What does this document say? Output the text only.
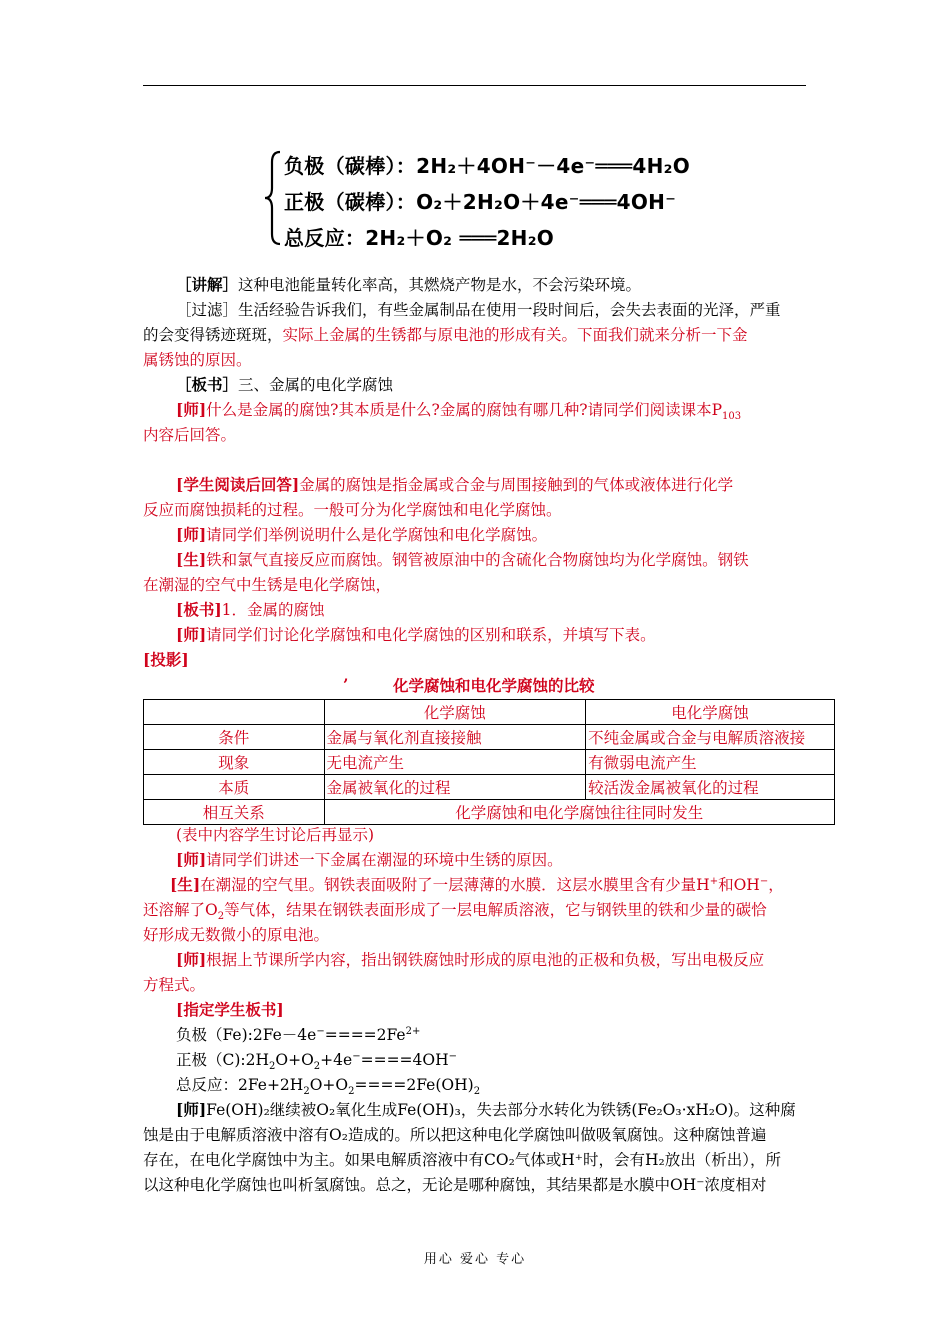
负极（碳棒）：2H₂＋4OH⁻－4e⁻═══4H₂O
正极（碳棒）：O₂＋2H₂O＋4e⁻═══4OH⁻
总反应：2H₂＋O₂ ═══2H₂O
［讲解］这种电池能量转化率高，其燃烧产物是水，不会污染环境。
［过滤］生活经验告诉我们，有些金属制品在使用一段时间后，会失去表面的光泽，严重
的会变得锈迹斑斑，实际上金属的生锈都与原电池的形成有关。下面我们就来分析一下金
属锈蚀的原因。
［板书］三、金属的电化学腐蚀
[师]什么是金属的腐蚀?其本质是什么?金属的腐蚀有哪几种?请同学们阅读课本$P_{103}$
内容后回答。
[学生阅读后回答]金属的腐蚀是指金属或合金与周围接触到的气体或液体进行化学
反应而腐蚀损耗的过程。一般可分为化学腐蚀和电化学腐蚀。
[师]请同学们举例说明什么是化学腐蚀和电化学腐蚀。
[生]铁和氯气直接反应而腐蚀。钢管被原油中的含硫化合物腐蚀均为化学腐蚀。钢铁
在潮湿的空气中生锈是电化学腐蚀，
[板书]1．金属的腐蚀
[师]请同学们讨论化学腐蚀和电化学腐蚀的区别和联系，并填写下表。
[投影]
’	化学腐蚀和电化学腐蚀的比较
	化学腐蚀	电化学腐蚀
条件	金属与氧化剂直接接触	不纯金属或合金与电解质溶液接
现象	无电流产生	有微弱电流产生
本质	金属被氧化的过程	较活泼金属被氧化的过程
相互关系	化学腐蚀和电化学腐蚀往往同时发生	
(表中内容学生讨论后再显示)
[师]请同学们讲述一下金属在潮湿的环境中生锈的原因。
[生]在潮湿的空气里。钢铁表面吸附了一层薄薄的水膜．这层水膜里含有少量H+和OH−，
还溶解了$O_2$等气体，结果在钢铁表面形成了一层电解质溶液，它与钢铁里的铁和少量的碳恰
好形成无数微小的原电池。
[师]根据上节课所学内容，指出钢铁腐蚀时形成的原电池的正极和负极，写出电极反应
方程式。
[指定学生板书]
负极$(Fe):2Fe-4e^-====2Fe^{2+}$
正极$(C):2H_2O+O_2+4e^-====4OH^-$
总反应：$2Fe+2H_2O+O_2====2Fe(OH)_2$
[师]Fe(OH)₂继续被O₂氧化生成Fe(OH)₃，失去部分水转化为铁锈(Fe₂O₃·xH₂O)。这种腐
蚀是由于电解质溶液中溶有O₂造成的。所以把这种电化学腐蚀叫做吸氧腐蚀。这种腐蚀普遍
存在，在电化学腐蚀中为主。如果电解质溶液中有CO₂气体或H⁺时，会有H₂放出（析出），所
以这种电化学腐蚀也叫析氢腐蚀。总之，无论是哪种腐蚀，其结果都是水膜中OH⁻浓度相对
用心 爱心 专心
